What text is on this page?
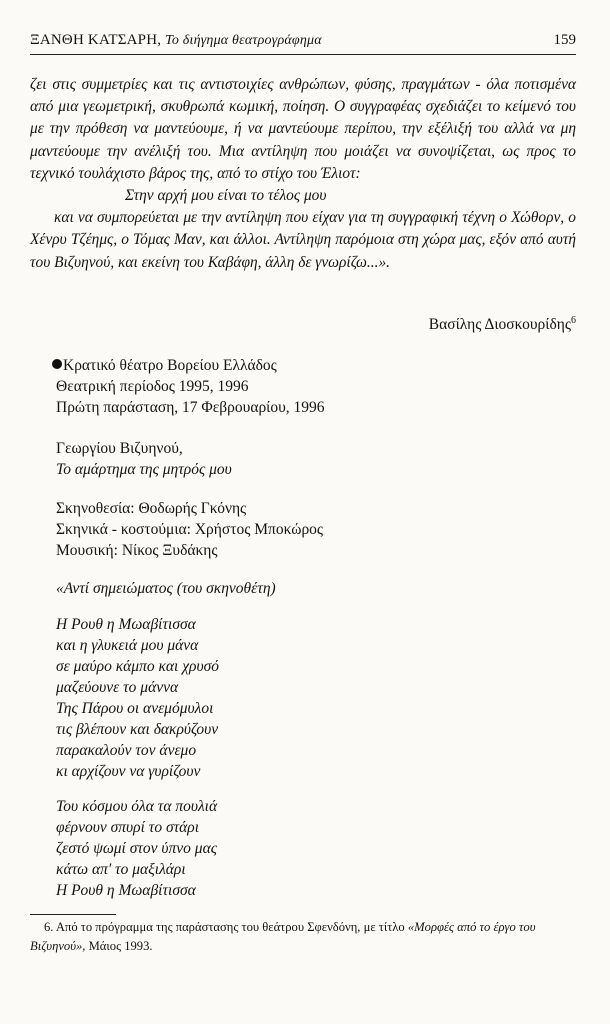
ΞΑΝΘΗ ΚΑΤΣΑΡΗ, Το διήγημα θεατρογράφημα	159

ζει στις συμμετρίες και τις αντιστοιχίες ανθρώπων, φύσης, πραγμάτων - όλα ποτισμένα από μια γεωμετρική, σκυθρωπά κωμική, ποίηση. Ο συγγραφέας σχεδιάζει το κείμενό του με την πρόθεση να μαντεύουμε, ή να μαντεύουμε περίπου, την εξέλιξή του αλλά να μη μαντεύουμε την ανέλιξή του. Μια αντίληψη που μοιάζει να συνοψίζεται, ως προς το τεχνικό τουλάχιστο βάρος της, από το στίχο του Έλιοτ:

Στην αρχή μου είναι το τέλος μου

και να συμπορεύεται με την αντίληψη που είχαν για τη συγγραφική τέχνη ο Χώθορν, ο Χένρυ Τζέημς, ο Τόμας Μαν, και άλλοι. Αντίληψη παρόμοια στη χώρα μας, εξόν από αυτή του Βιζυηνού, και εκείνη του Καβάφη, άλλη δε γνωρίζω...».

Βασίλης Διοσκουρίδης$^6$
Κρατικό θέατρο Βορείου Ελλάδος
Θεατρική περίοδος 1995, 1996
Πρώτη παράσταση, 17 Φεβρουαρίου, 1996
Γεωργίου Βιζυηνού,
Το αμάρτημα της μητρός μου
Σκηνοθεσία: Θοδωρής Γκόνης
Σκηνικά - κοστούμια: Χρήστος Μποκώρος
Μουσική: Νίκος Ξυδάκης
«Αντί σημειώματος (του σκηνοθέτη)
Η Ρουθ η Μωαβίτισσα
και η γλυκειά μου μάνα
σε μαύρο κάμπο και χρυσό
μαζεύουνε το μάννα
Της Πάρου οι ανεμόμυλοι
τις βλέπουν και δακρύζουν
παρακαλούν τον άνεμο
κι αρχίζουν να γυρίζουν
Του κόσμου όλα τα πουλιά
φέρνουν σπυρί το στάρι
ζεστό ψωμί στον ύπνο μας
κάτω απ' το μαξιλάρι
Η Ρουθ η Μωαβίτισσα

6. Από το πρόγραμμα της παράστασης του θεάτρου Σφενδόνη, με τίτλο «Μορφές από το έργο του Βιζυηνού», Μάιος 1993.
